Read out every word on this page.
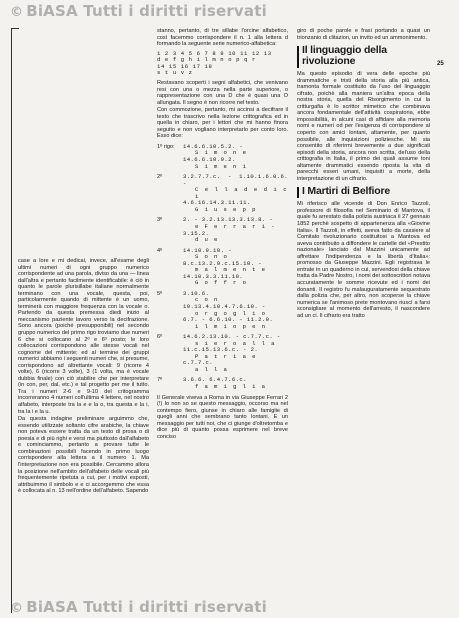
© BiASA Tutti i diritti riservati
25

case a lore e mi dedicai, invece, all'esame degli ultimi numeri di ogni gruppo numerico corrispondente ad una parola, diviso da una — linea dall'altra e pertanto facilmente identificabile: è ciò in quanto le parole plurisillabe italiane normalmente terminano con una vocale, questa, poi, particolarmente quando di mittente è un uomo, terminerà con maggiore frequenza con la vocale o. Partendo da questa premessa diedi inizio al meccanismo paziente lavoro verso la decifrazione. Sono ancora (poiché presupponibili) nel secondo gruppo numerico del primo rigo troviamo due numeri 6 che si collocano al 2º e 6º posto; le loro collocazioni corrispondono alle stesse vocali nel cognome del mittente; ed al termine dei gruppi numerici abbiamo i seguenti numeri che, si presume, corrispondono ad altrettante vocali: 9 (ricorre 4 volte), 6 (ricorre 3 volte), 3 (1 volta, ma è vocale dubbia finale) con ciò stabilire che per interpretare (in con, per, dal, etc.) e tal progetto per me il tutto. Tra i numeri 2-6 e 9-10 del critogramma incorreranno 4 numeri coll'ultima 4 lettere, nel nostro alfabeto, interposte tra la e e la o, tra questa e la i, tra la i e la u.

Da questa indagine preliminare arguimmo che, essendo utilizzate soltanto cifre arabiche, la chiave non poteva essere tratta da un testo di prosa o di poesia e di più righi e versi ma piuttosto dall'alfabeto e cominciammo, pertanto a provare tutte le combinazioni possibili facendo in primo luogo corrispondere alla lettera a il numero 1. Ma l'interpretazione non era possibile. Cercammo allora la posizione nell'ambito dell'alfabeto delle vocali più frequentemente ripetuta a cui, per i motivi esposti, attribuimmo il simbolo e e ci accorgemmo che essa è collocata al n. 13 nell'ordine dell'alfabeto. Sapendo

stanno, pertanto, di tre sillabe l'orcine alfabetico, così facemmo corrispondere il n. 1 alla lettera d formando la seguente serie numerico-alfabetica:

1 2 3 4 5 6 7 8 9 10 11 12 13
d e f g h i l m n o p q r
14 15 16 17 18
s t u v z

Restavano scoperti i segni alfabetici, che venivano resi con una o mezza nella parte superiore, o rappresentazione con una D che è quasi una O allungata. Il segno è non ricorre nel testo.

Con commozione, pertanto, mi accinsi a decifrare il testo che trascrivo nella lezione crittografica ed in quella in chiaro, per i lettori che mi hanno finora seguito e non vogliano interpretarlo per conto loro. Esso dice:

1º rigo:	14.6.6.10.5.2. -
S i m o n e
14.6.6.10.9.2.
S i m e n i
2º	3.2.7.7.c. - 1.10.1.6.0.6. -
C e l l a d e d i c i
4.6.16.14.3.11.11.
G i u s e p p
3º	2. - 3.2.13.13.3.13.8. -
e F e r r a r i -
3.15.2.
d u e
4º	14.10.9.10. -
S o n o
8.c.13.2.9.c.15.10. -
m a l m e n t e
14.10.3.3.11.10.
G o f f r o
5º	3.10.6.
c o n
10.13.4.10.4.7.6.10. -
o r g o g l i o
6.7. - 6.6.10. - 11.2.9.
i l m i o p e n
6º	14.6.2.13.10. - c.7.7.c. -
s i e r o a l l a
11.c.15.13.6.c. - 2.
P a t r i a e
c.7.7.c.
a l l a
7º	3.6.6. 6.4.7.6.c.
f a m i g l i a

Il Generale viveva a Roma in via Giuseppe Ferrari 2 (!) Io non so se questo messaggio, occorso ma nel contempo fiero, giunse in chiaro alle famiglie di quegli anni che sembrano tanto lontani. E un messaggio per tutti noi, che ci giunge d'oltretomba e dice più di quanto possa esprimere nel breve conciso

giro di poche parole e frasi portando a quasi un trionzanio di clitazion, un invito ed un ammonimento.

Il linguaggio della rivoluzione

Ma questo episodio di vera delle epoche più drammatiche e tristi della storia alla più antica, tramonta formale costituito da l'uso del linguaggio cifrato, poichè alla maniera un'altra epoca della nostra storia, quella del Risorgimento in cui la critturgafia è lo scrittor mimetico che combinava ancora fondamentale dell'attività cospiratoria, ebbe impossibilità, in alcuni casi di affidare alla memoria nomi e numeri od per l'esigenza di corrispondere al coperto con amici lontani, altamente, per quanto possibile, alle inquisizioni poliziesche. Mi sia consentito di riferirmi brevemente a due significati episodi della storia, ancora non scritta, del'uso della crittografia in Italia, il primo dei quali assume toni altamente drammatici essendo riposta la vita di parecchi esseri umani, inquisiti a morte, della interpretazione di un cifrario.

I Martiri di Belfiore

Mi riferisco alle vicende di Don Enrico Tazzoli, professore di filosofia nel Seminario di Mantova, il quale fu arrestato dalla polizia austriaca il 27 gennaio 1852 perchè sospetto di appartenenza alla «Giovine Italia». Il Tazzoli, in effetti, aveva fatto da cassiere al Comitato rivoluzionario costituitosi a Mantova ed aveva contribuito a diffondere le cartelle del «Prestito nazionale» lanciato dal Mazzini unicamente ad affrettare l'indipendenza e la libertà d'Italia»: promosso da Giuseppe Mazzini. Egli registrava le entrate in un quaderno in cui, servendosi della chiave tratta da Padre Nostro, i nomi dei sottoscrittori notava accuratamente le somme ricevute ed i nomi dei donanti. Il registro fu malauguratamente sequestrato dalla polizia che, per altro, non scoperse la chiave numerica se l'animoso prete montovano riuscì a farsi sconsigliare al momento dell'arresto, il nascondere ad un ci. Il cifrario era tratto

© BiASA Tutti i diritti riservati
